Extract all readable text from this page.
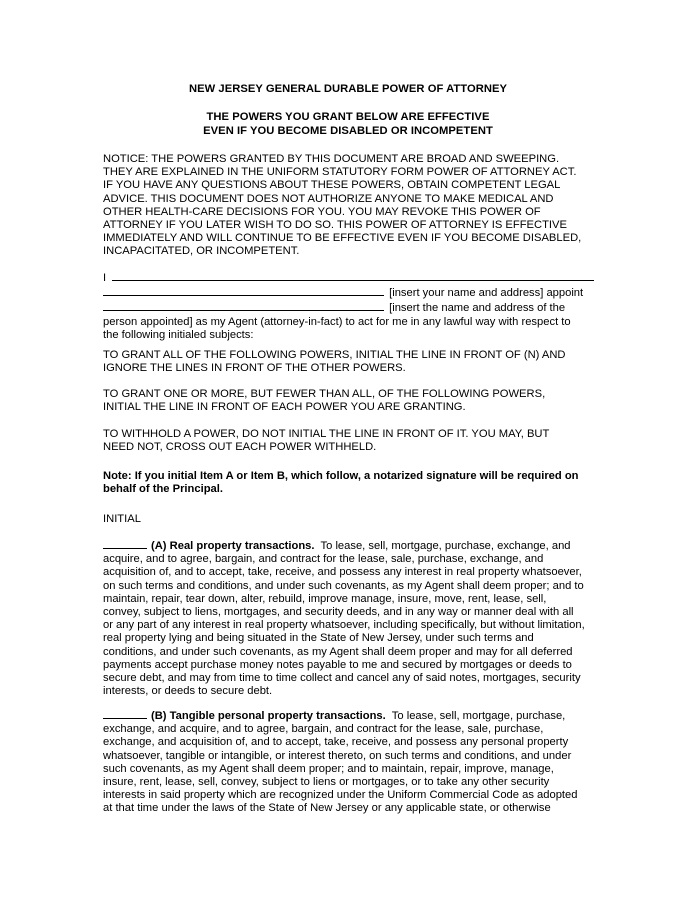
NEW JERSEY GENERAL DURABLE POWER OF ATTORNEY
THE POWERS YOU GRANT BELOW ARE EFFECTIVE
EVEN IF YOU BECOME DISABLED OR INCOMPETENT
NOTICE: THE POWERS GRANTED BY THIS DOCUMENT ARE BROAD AND SWEEPING.
THEY ARE EXPLAINED IN THE UNIFORM STATUTORY FORM POWER OF ATTORNEY ACT.
IF YOU HAVE ANY QUESTIONS ABOUT THESE POWERS, OBTAIN COMPETENT LEGAL
ADVICE. THIS DOCUMENT DOES NOT AUTHORIZE ANYONE TO MAKE MEDICAL AND
OTHER HEALTH-CARE DECISIONS FOR YOU. YOU MAY REVOKE THIS POWER OF
ATTORNEY IF YOU LATER WISH TO DO SO. THIS POWER OF ATTORNEY IS EFFECTIVE
IMMEDIATELY AND WILL CONTINUE TO BE EFFECTIVE EVEN IF YOU BECOME DISABLED,
INCAPACITATED, OR INCOMPETENT.
I
[insert your name and address] appoint
[insert the name and address of the
person appointed] as my Agent (attorney-in-fact) to act for me in any lawful way with respect to
the following initialed subjects:
TO GRANT ALL OF THE FOLLOWING POWERS, INITIAL THE LINE IN FRONT OF (N) AND
IGNORE THE LINES IN FRONT OF THE OTHER POWERS.
TO GRANT ONE OR MORE, BUT FEWER THAN ALL, OF THE FOLLOWING POWERS,
INITIAL THE LINE IN FRONT OF EACH POWER YOU ARE GRANTING.
TO WITHHOLD A POWER, DO NOT INITIAL THE LINE IN FRONT OF IT. YOU MAY, BUT
NEED NOT, CROSS OUT EACH POWER WITHHELD.
Note: If you initial Item A or Item B, which follow, a notarized signature will be required on
behalf of the Principal.
INITIAL
(A) Real property transactions. To lease, sell, mortgage, purchase, exchange, and
acquire, and to agree, bargain, and contract for the lease, sale, purchase, exchange, and
acquisition of, and to accept, take, receive, and possess any interest in real property whatsoever,
on such terms and conditions, and under such covenants, as my Agent shall deem proper; and to
maintain, repair, tear down, alter, rebuild, improve manage, insure, move, rent, lease, sell,
convey, subject to liens, mortgages, and security deeds, and in any way or manner deal with all
or any part of any interest in real property whatsoever, including specifically, but without limitation,
real property lying and being situated in the State of New Jersey, under such terms and
conditions, and under such covenants, as my Agent shall deem proper and may for all deferred
payments accept purchase money notes payable to me and secured by mortgages or deeds to
secure debt, and may from time to time collect and cancel any of said notes, mortgages, security
interests, or deeds to secure debt.
(B) Tangible personal property transactions. To lease, sell, mortgage, purchase,
exchange, and acquire, and to agree, bargain, and contract for the lease, sale, purchase,
exchange, and acquisition of, and to accept, take, receive, and possess any personal property
whatsoever, tangible or intangible, or interest thereto, on such terms and conditions, and under
such covenants, as my Agent shall deem proper; and to maintain, repair, improve, manage,
insure, rent, lease, sell, convey, subject to liens or mortgages, or to take any other security
interests in said property which are recognized under the Uniform Commercial Code as adopted
at that time under the laws of the State of New Jersey or any applicable state, or otherwise
